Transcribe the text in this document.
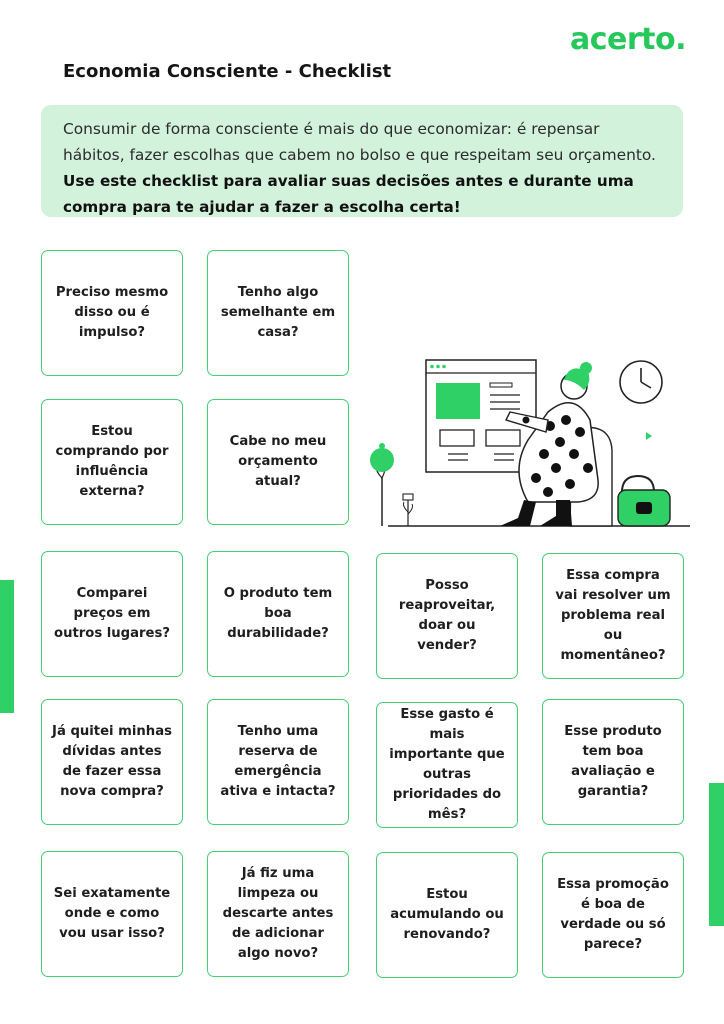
acerto.
Economia Consciente - Checklist
Consumir de forma consciente é mais do que economizar: é repensar hábitos, fazer escolhas que cabem no bolso e que respeitam seu orçamento. Use este checklist para avaliar suas decisões antes e durante uma compra para te ajudar a fazer a escolha certa!
Preciso mesmo disso ou é impulso?
Tenho algo semelhante em casa?
Estou comprando por influência externa?
Cabe no meu orçamento atual?
Comparei preços em outros lugares?
O produto tem boa durabilidade?
Posso reaproveitar, doar ou vender?
Essa compra vai resolver um problema real ou momentâneo?
Já quitei minhas dívidas antes de fazer essa nova compra?
Tenho uma reserva de emergência ativa e intacta?
Esse gasto é mais importante que outras prioridades do mês?
Esse produto tem boa avaliação e garantia?
Sei exatamente onde e como vou usar isso?
Já fiz uma limpeza ou descarte antes de adicionar algo novo?
Estou acumulando ou renovando?
Essa promoção é boa de verdade ou só parece?
